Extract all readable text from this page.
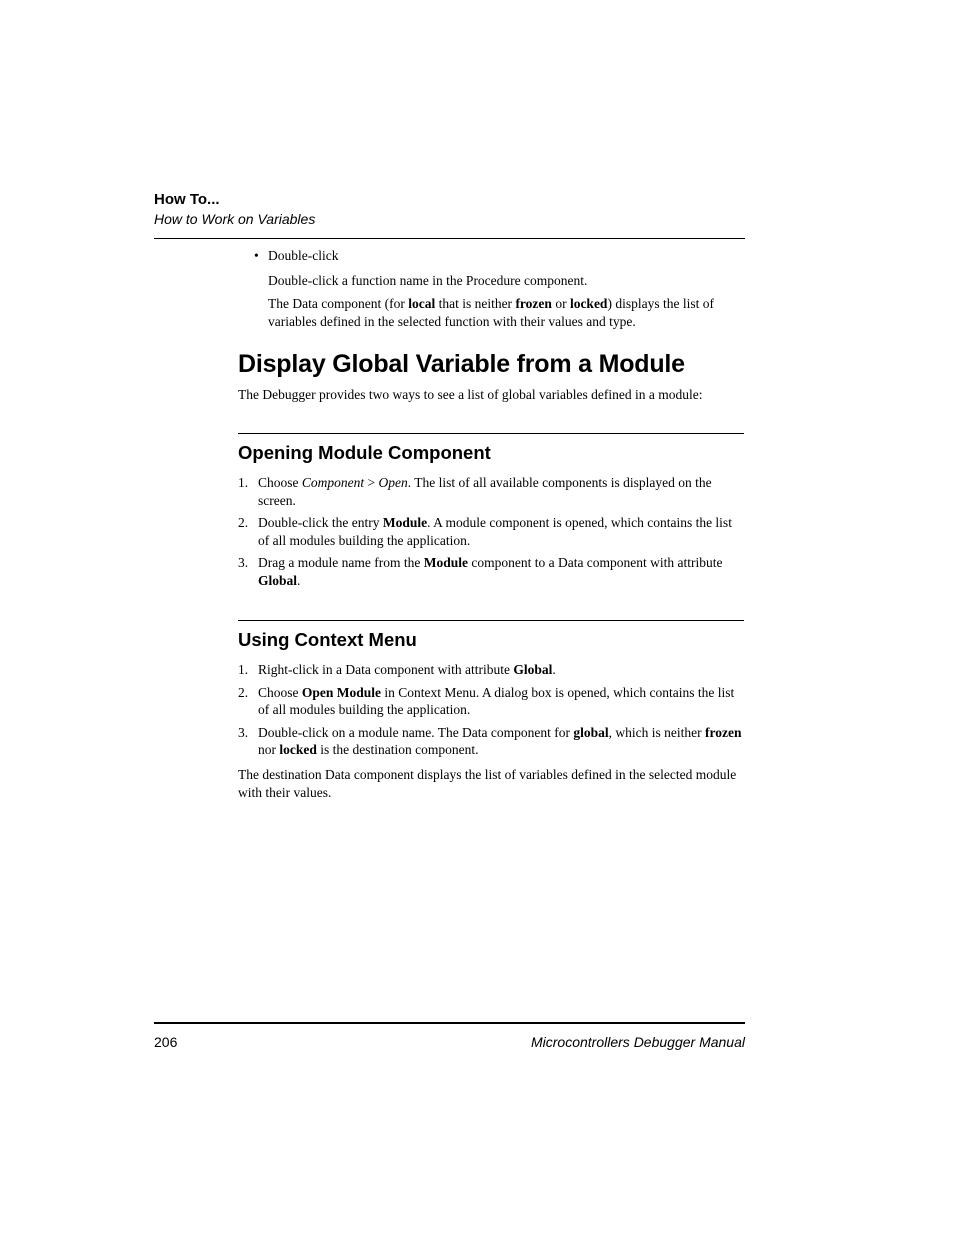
How To...
How to Work on Variables
• Double-click
Double-click a function name in the Procedure component.
The Data component (for local that is neither frozen or locked) displays the list of variables defined in the selected function with their values and type.
Display Global Variable from a Module
The Debugger provides two ways to see a list of global variables defined in a module:
Opening Module Component
1. Choose Component > Open. The list of all available components is displayed on the screen.
2. Double-click the entry Module. A module component is opened, which contains the list of all modules building the application.
3. Drag a module name from the Module component to a Data component with attribute Global.
Using Context Menu
1. Right-click in a Data component with attribute Global.
2. Choose Open Module in Context Menu. A dialog box is opened, which contains the list of all modules building the application.
3. Double-click on a module name. The Data component for global, which is neither frozen nor locked is the destination component.
The destination Data component displays the list of variables defined in the selected module with their values.
206	Microcontrollers Debugger Manual
